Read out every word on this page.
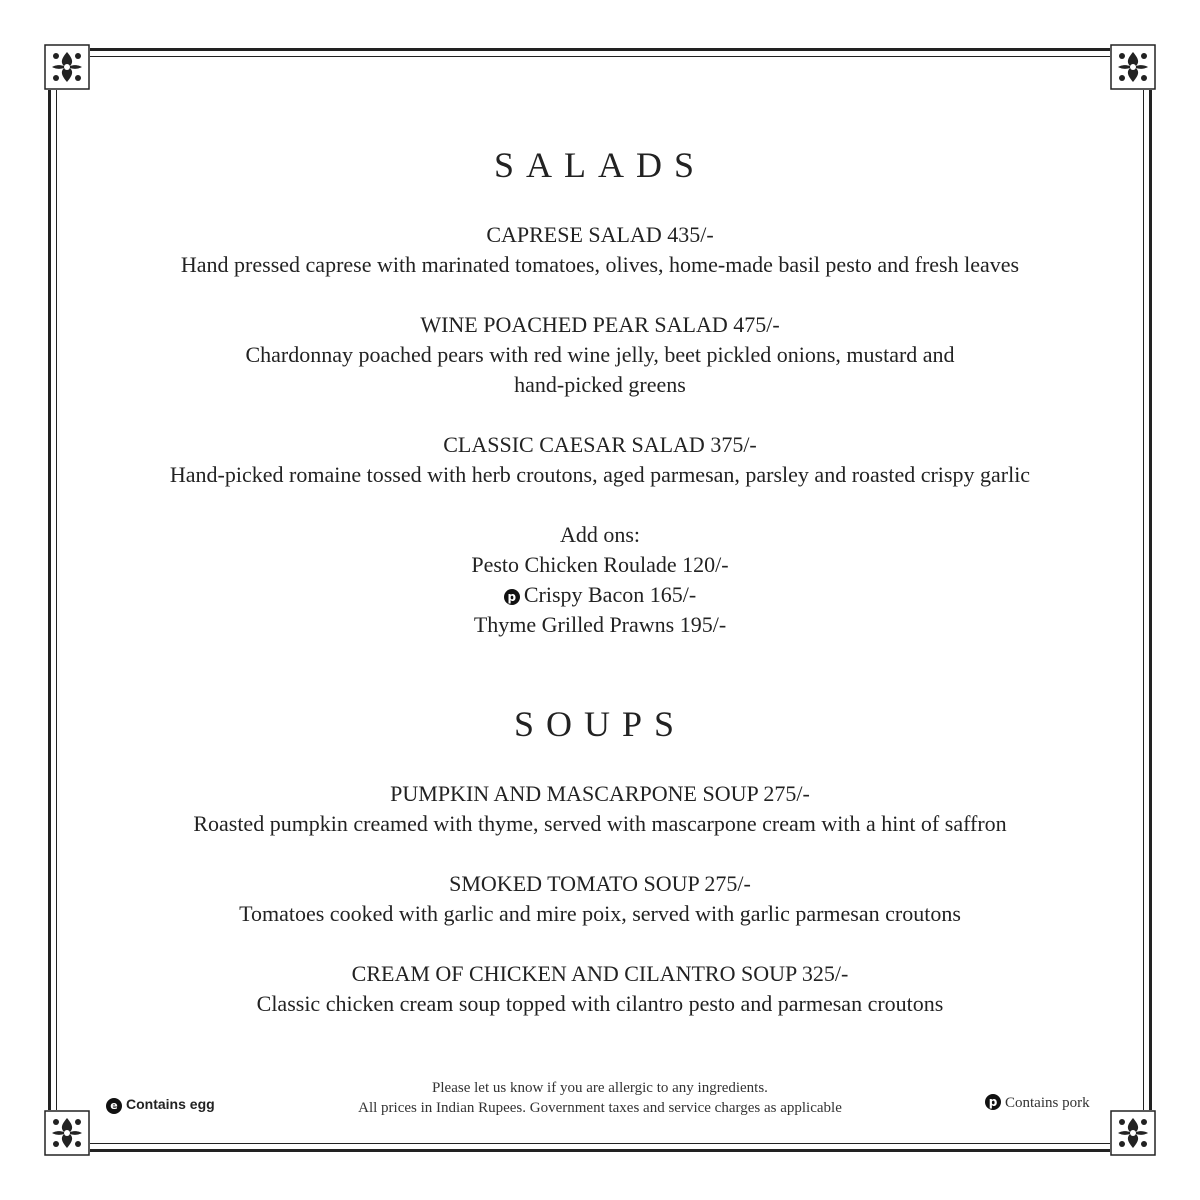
SALADS
CAPRESE SALAD 435/-
Hand pressed caprese with marinated tomatoes, olives, home-made basil pesto and fresh leaves
WINE POACHED PEAR SALAD 475/-
Chardonnay poached pears with red wine jelly, beet pickled onions, mustard and
hand-picked greens
CLASSIC CAESAR SALAD 375/-
Hand-picked romaine tossed with herb croutons, aged parmesan, parsley and roasted crispy garlic
Add ons:
Pesto Chicken Roulade 120/-
p Crispy Bacon 165/-
Thyme Grilled Prawns 195/-
SOUPS
PUMPKIN AND MASCARPONE SOUP 275/-
Roasted pumpkin creamed with thyme, served with mascarpone cream with a hint of saffron
SMOKED TOMATO SOUP 275/-
Tomatoes cooked with garlic and mire poix, served with garlic parmesan croutons
CREAM OF CHICKEN AND CILANTRO SOUP 325/-
Classic chicken cream soup topped with cilantro pesto and parmesan croutons
Please let us know if you are allergic to any ingredients.
All prices in Indian Rupees. Government taxes and service charges as applicable
e Contains egg	p Contains pork
